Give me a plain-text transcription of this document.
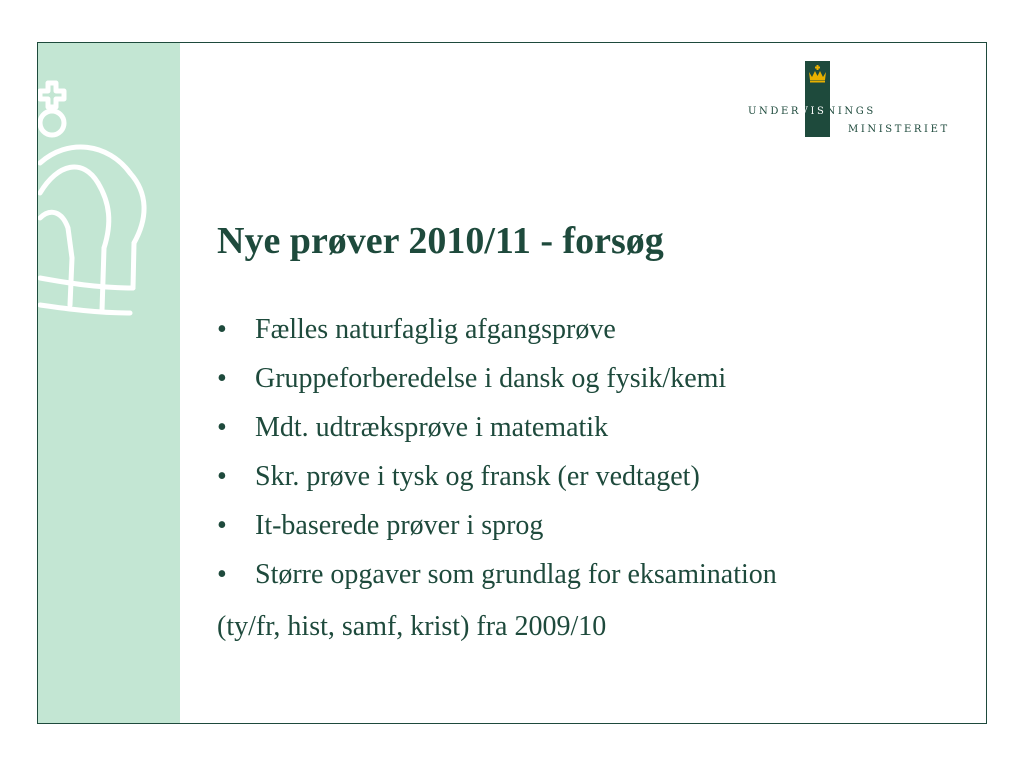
UNDERVISNINGS
MINISTERIET
Nye prøver 2010/11 - forsøg
• Fælles naturfaglig afgangsprøve
• Gruppeforberedelse i dansk og fysik/kemi
• Mdt. udtræksprøve i matematik
• Skr. prøve i tysk og fransk (er vedtaget)
• It-baserede prøver i sprog
• Større opgaver som grundlag for eksamination

(ty/fr, hist, samf, krist) fra 2009/10
